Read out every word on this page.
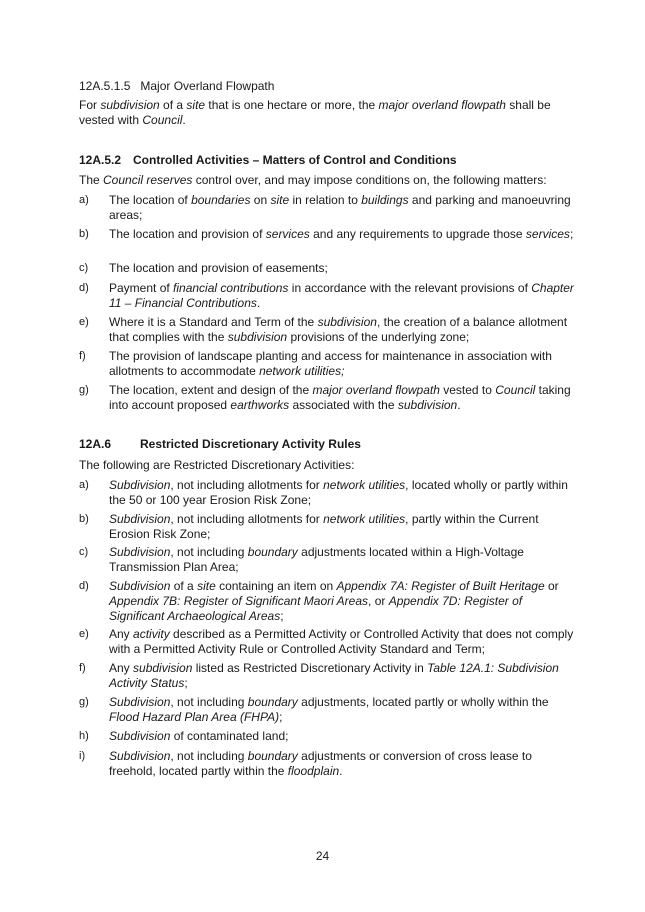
12A.5.1.5   Major Overland Flowpath
For subdivision of a site that is one hectare or more, the major overland flowpath shall be vested with Council.
12A.5.2 Controlled Activities – Matters of Control and Conditions
The Council reserves control over, and may impose conditions on, the following matters:
a) The location of boundaries on site in relation to buildings and parking and manoeuvring areas;
b) The location and provision of services and any requirements to upgrade those services;
c) The location and provision of easements;
d) Payment of financial contributions in accordance with the relevant provisions of Chapter 11 – Financial Contributions.
e) Where it is a Standard and Term of the subdivision, the creation of a balance allotment that complies with the subdivision provisions of the underlying zone;
f) The provision of landscape planting and access for maintenance in association with allotments to accommodate network utilities;
g) The location, extent and design of the major overland flowpath vested to Council taking into account proposed earthworks associated with the subdivision.
12A.6 Restricted Discretionary Activity Rules
The following are Restricted Discretionary Activities:
a) Subdivision, not including allotments for network utilities, located wholly or partly within the 50 or 100 year Erosion Risk Zone;
b) Subdivision, not including allotments for network utilities, partly within the Current Erosion Risk Zone;
c) Subdivision, not including boundary adjustments located within a High-Voltage Transmission Plan Area;
d) Subdivision of a site containing an item on Appendix 7A: Register of Built Heritage or Appendix 7B: Register of Significant Maori Areas, or Appendix 7D: Register of Significant Archaeological Areas;
e) Any activity described as a Permitted Activity or Controlled Activity that does not comply with a Permitted Activity Rule or Controlled Activity Standard and Term;
f) Any subdivision listed as Restricted Discretionary Activity in Table 12A.1: Subdivision Activity Status;
g) Subdivision, not including boundary adjustments, located partly or wholly within the Flood Hazard Plan Area (FHPA);
h) Subdivision of contaminated land;
i) Subdivision, not including boundary adjustments or conversion of cross lease to freehold, located partly within the floodplain.
24
